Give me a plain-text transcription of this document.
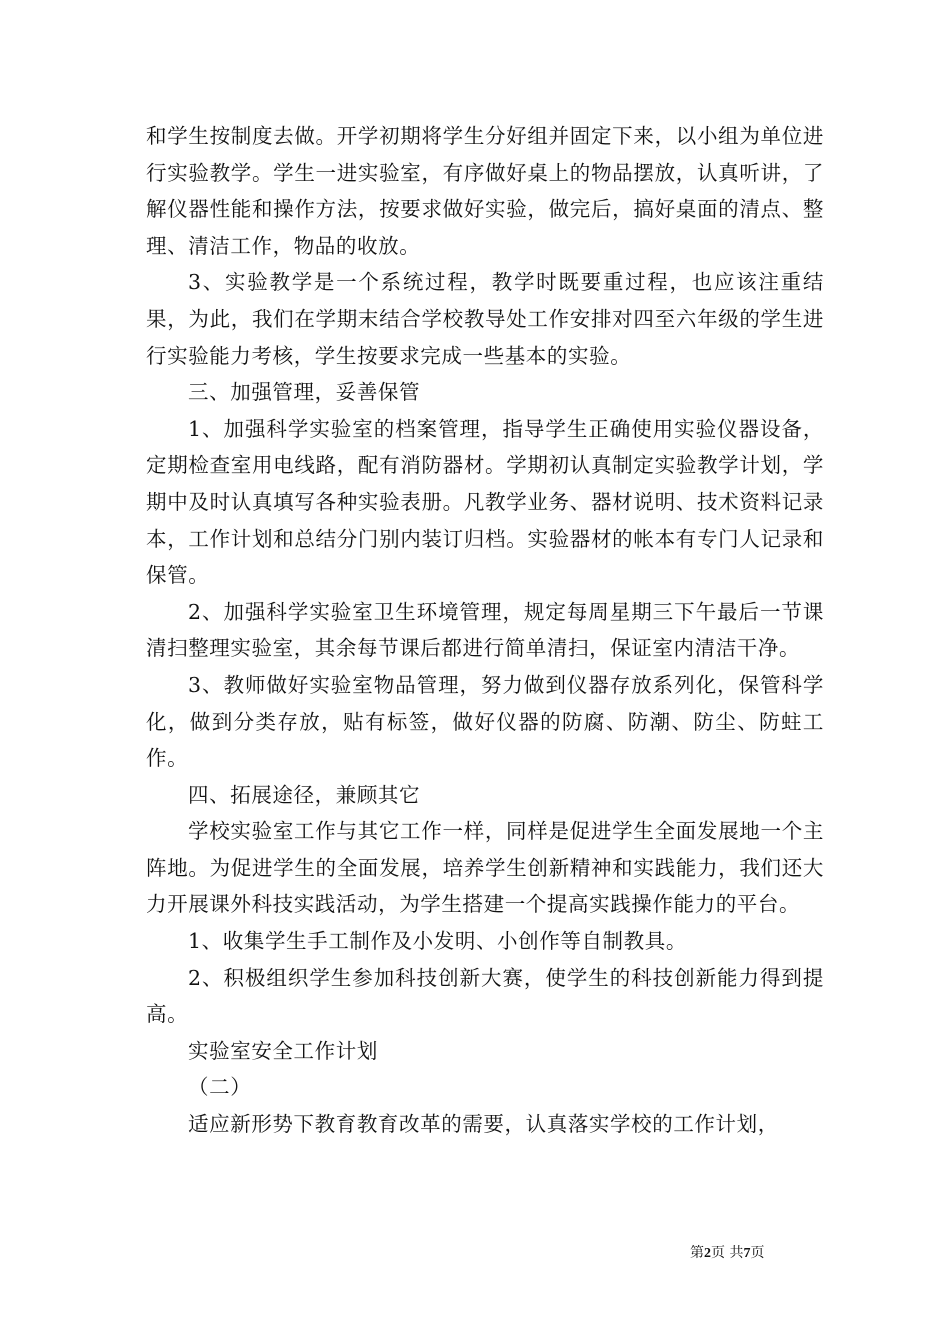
和学生按制度去做。开学初期将学生分好组并固定下来，以小组为单位进行实验教学。学生一进实验室，有序做好桌上的物品摆放，认真听讲，了解仪器性能和操作方法，按要求做好实验，做完后，搞好桌面的清点、整理、清洁工作，物品的收放。

3、实验教学是一个系统过程，教学时既要重过程，也应该注重结果，为此，我们在学期末结合学校教导处工作安排对四至六年级的学生进行实验能力考核，学生按要求完成一些基本的实验。

三、加强管理，妥善保管

1、加强科学实验室的档案管理，指导学生正确使用实验仪器设备，定期检查室用电线路，配有消防器材。学期初认真制定实验教学计划，学期中及时认真填写各种实验表册。凡教学业务、器材说明、技术资料记录本，工作计划和总结分门别内装订归档。实验器材的帐本有专门人记录和保管。

2、加强科学实验室卫生环境管理，规定每周星期三下午最后一节课清扫整理实验室，其余每节课后都进行简单清扫，保证室内清洁干净。

3、教师做好实验室物品管理，努力做到仪器存放系列化，保管科学化，做到分类存放，贴有标签，做好仪器的防腐、防潮、防尘、防蛀工作。

四、拓展途径，兼顾其它

学校实验室工作与其它工作一样，同样是促进学生全面发展地一个主阵地。为促进学生的全面发展，培养学生创新精神和实践能力，我们还大力开展课外科技实践活动，为学生搭建一个提高实践操作能力的平台。

1、收集学生手工制作及小发明、小创作等自制教具。

2、积极组织学生参加科技创新大赛，使学生的科技创新能力得到提高。

实验室安全工作计划

（二）

适应新形势下教育教育改革的需要，认真落实学校的工作计划，

第2页 共7页
